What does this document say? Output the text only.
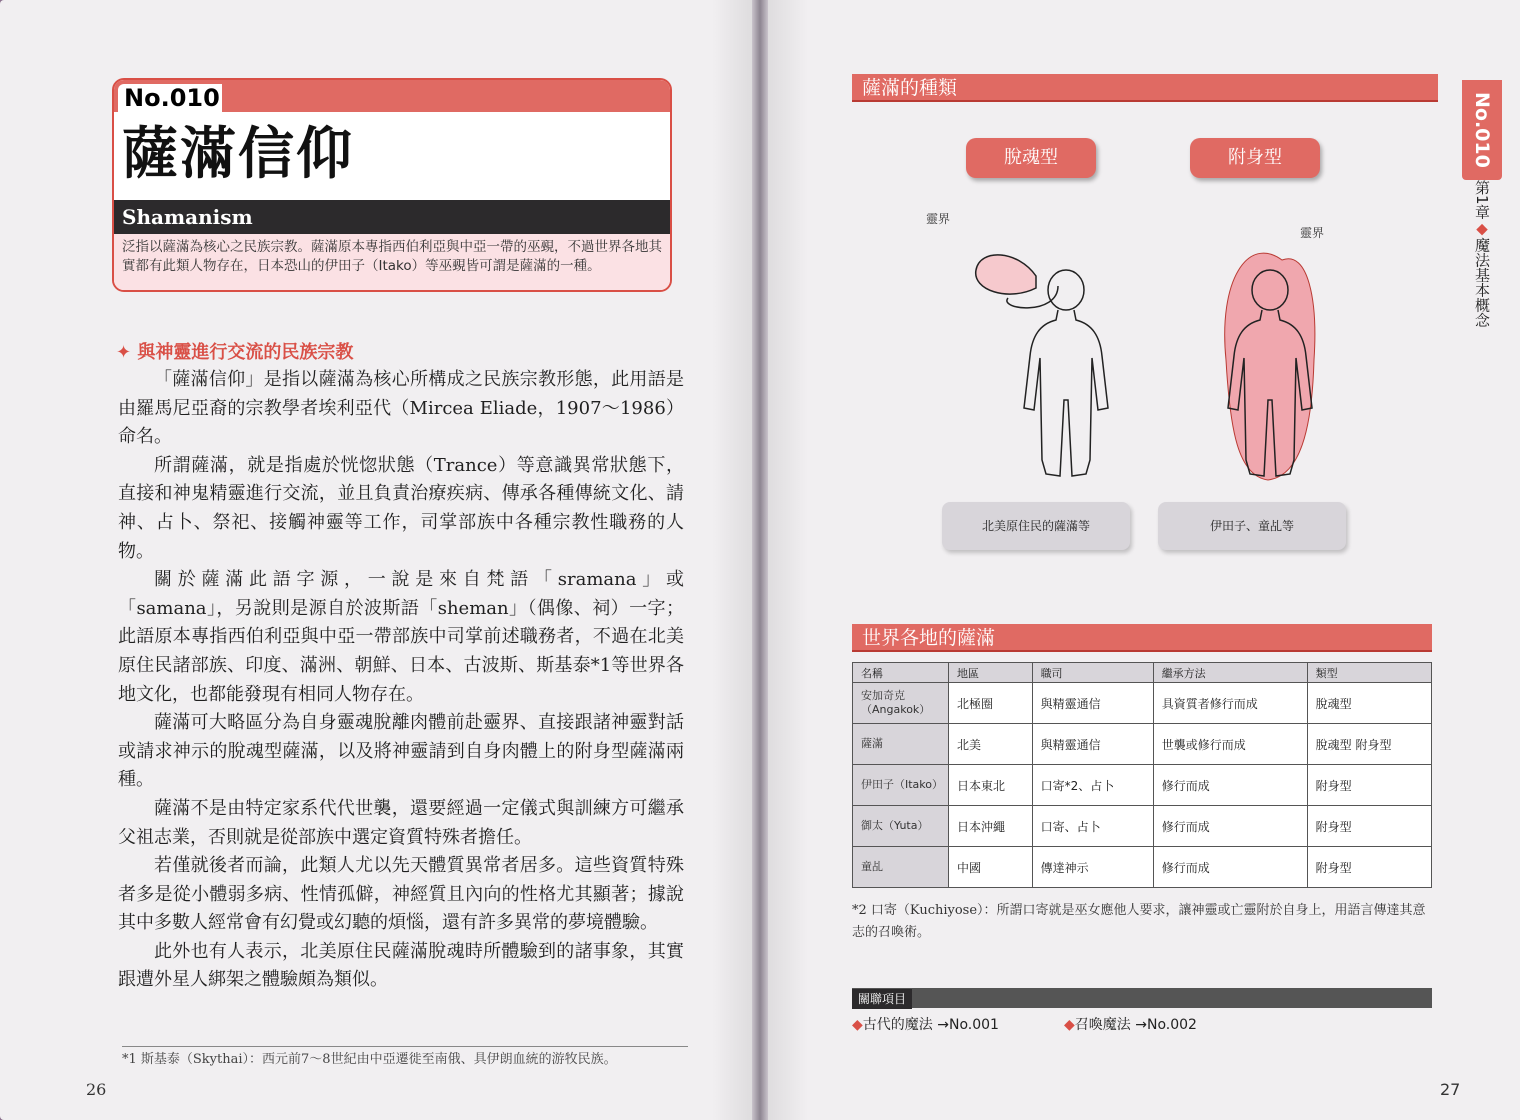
No.010
薩滿信仰
Shamanism
泛指以薩滿為核心之民族宗教。薩滿原本專指西伯利亞與中亞一帶的巫覡，不過世界各地其實都有此類人物存在，日本恐山的伊田子（Itako）等巫覡皆可謂是薩滿的一種。
✦ 與神靈進行交流的民族宗教

「薩滿信仰」是指以薩滿為核心所構成之民族宗教形態，此用語是由羅馬尼亞裔的宗教學者埃利亞代（Mircea Eliade，1907～1986）命名。

所謂薩滿，就是指處於恍惚狀態（Trance）等意識異常狀態下，直接和神鬼精靈進行交流，並且負責治療疾病、傳承各種傳統文化、請神、占卜、祭祀、接觸神靈等工作，司掌部族中各種宗教性職務的人物。

關於薩滿此語字源，一說是來自梵語「sramana」或「samana」，另說則是源自於波斯語「sheman」（偶像、祠）一字；此語原本專指西伯利亞與中亞一帶部族中司掌前述職務者，不過在北美原住民諸部族、印度、滿洲、朝鮮、日本、古波斯、斯基泰*1等世界各地文化，也都能發現有相同人物存在。

薩滿可大略區分為自身靈魂脫離肉體前赴靈界、直接跟諸神靈對話或請求神示的脫魂型薩滿，以及將神靈請到自身肉體上的附身型薩滿兩種。

薩滿不是由特定家系代代世襲，還要經過一定儀式與訓練方可繼承父祖志業，否則就是從部族中選定資質特殊者擔任。

若僅就後者而論，此類人尤以先天體質異常者居多。這些資質特殊者多是從小體弱多病、性情孤僻，神經質且內向的性格尤其顯著；據說其中多數人經常會有幻覺或幻聽的煩惱，還有許多異常的夢境體驗。

此外也有人表示，北美原住民薩滿脫魂時所體驗到的諸事象，其實跟遭外星人綁架之體驗頗為類似。

*1 斯基泰（Skythai）：西元前7～8世紀由中亞遷徙至南俄、具伊朗血統的游牧民族。
26
薩滿的種類
脫魂型	附身型
靈界
靈界
北美原住民的薩滿等	伊田子、童乩等
世界各地的薩滿
名稱	地區	職司	繼承方法	類型
安加奇克（Angakok）	北極圈	與精靈通信	具資質者修行而成	脫魂型
薩滿	北美	與精靈通信	世襲或修行而成	脫魂型 附身型
伊田子（Itako）	日本東北	口寄*2、占卜	修行而成	附身型
御太（Yuta）	日本沖繩	口寄、占卜	修行而成	附身型
童乩	中國	傳達神示	修行而成	附身型
*2 口寄（Kuchiyose）：所謂口寄就是巫女應他人要求，讓神靈或亡靈附於自身上，用語言傳達其意志的召喚術。
關聯項目
◆古代的魔法 →No.001	◆召喚魔法 →No.002
No.010
第1章◆魔法基本概念
27
